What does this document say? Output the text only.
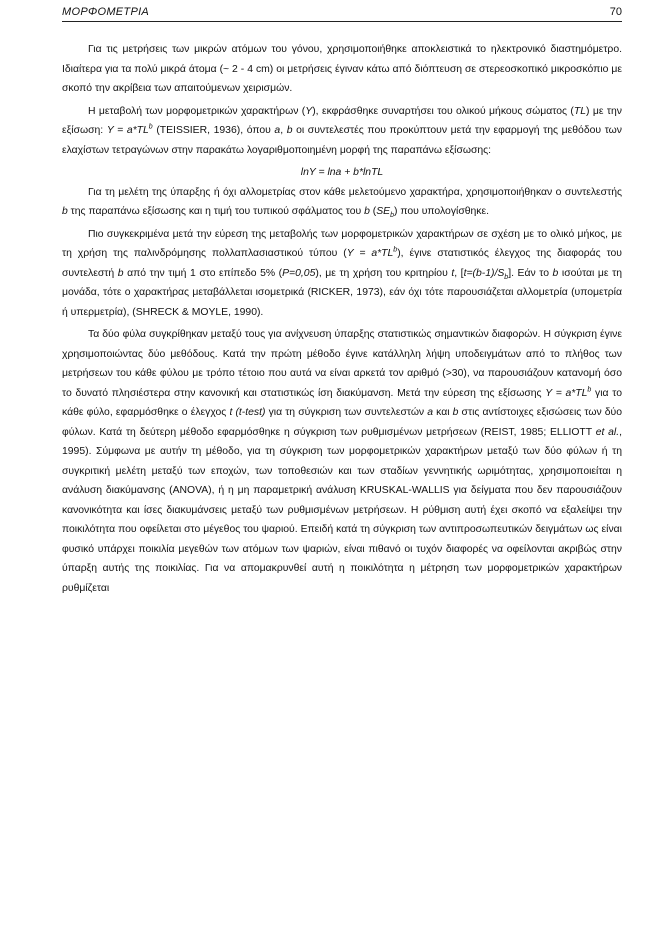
ΜΟΡΦΟΜΕΤΡΙΑ	70

Για τις μετρήσεις των μικρών ατόμων του γόνου, χρησιμοποιήθηκε αποκλειστικά το ηλεκτρονικό διαστημόμετρο. Ιδιαίτερα για τα πολύ μικρά άτομα (~ 2 - 4 cm) οι μετρήσεις έγιναν κάτω από διόπτευση σε στερεοσκοπικό μικροσκόπιο με σκοπό την ακρίβεια των απαιτούμενων χειρισμών.

Η μεταβολή των μορφομετρικών χαρακτήρων (Y), εκφράσθηκε συναρτήσει του ολικού μήκους σώματος (TL) με την εξίσωση: $Y = a*TL^b$ (TEISSIER, 1936), όπου a, b οι συντελεστές που προκύπτουν μετά την εφαρμογή της μεθόδου των ελαχίστων τετραγώνων στην παρακάτω λογαριθμοποιημένη μορφή της παραπάνω εξίσωσης:

lnY = lna + b*lnTL

Για τη μελέτη της ύπαρξης ή όχι αλλομετρίας στον κάθε μελετούμενο χαρακτήρα, χρησιμοποιήθηκαν ο συντελεστής b της παραπάνω εξίσωσης και η τιμή του τυπικού σφάλματος του b $(SE_b)$ που υπολογίσθηκε.

Πιο συγκεκριμένα μετά την εύρεση της μεταβολής των μορφομετρικών χαρακτήρων σε σχέση με το ολικό μήκος, με τη χρήση της παλινδρόμησης πολλαπλασιαστικού τύπου $(Y = a*TL^b)$, έγινε στατιστικός έλεγχος της διαφοράς του συντελεστή b από την τιμή 1 στο επίπεδο 5% (P=0,05), με τη χρήση του κριτηρίου t, $[t=(b-1)/S_b]$. Εάν το b ισούται με τη μονάδα, τότε ο χαρακτήρας μεταβάλλεται ισομετρικά (RICKER, 1973), εάν όχι τότε παρουσιάζεται αλλομετρία (υπομετρία ή υπερμετρία), (SHRECK & MOYLE, 1990).

Τα δύο φύλα συγκρίθηκαν μεταξύ τους για ανίχνευση ύπαρξης στατιστικώς σημαντικών διαφορών. Η σύγκριση έγινε χρησιμοποιώντας δύο μεθόδους. Κατά την πρώτη μέθοδο έγινε κατάλληλη λήψη υποδειγμάτων από το πλήθος των μετρήσεων του κάθε φύλου με τρόπο τέτοιο που αυτά να είναι αρκετά τον αριθμό (>30), να παρουσιάζουν κατανομή όσο το δυνατό πλησιέστερα στην κανονική και στατιστικώς ίση διακύμανση. Μετά την εύρεση της εξίσωσης $Y = a*TL^b$ για το κάθε φύλο, εφαρμόσθηκε ο έλεγχος t (t-test) για τη σύγκριση των συντελεστών a και b στις αντίστοιχες εξισώσεις των δύο φύλων. Κατά τη δεύτερη μέθοδο εφαρμόσθηκε η σύγκριση των ρυθμισμένων μετρήσεων (REIST, 1985; ELLIOTT et al., 1995). Σύμφωνα με αυτήν τη μέθοδο, για τη σύγκριση των μορφομετρικών χαρακτήρων μεταξύ των δύο φύλων ή τη συγκριτική μελέτη μεταξύ των εποχών, των τοποθεσιών και των σταδίων γεννητικής ωριμότητας, χρησιμοποιείται η ανάλυση διακύμανσης (ANOVA), ή η μη παραμετρική ανάλυση KRUSKAL-WALLIS για δείγματα που δεν παρουσιάζουν κανονικότητα και ίσες διακυμάνσεις μεταξύ των ρυθμισμένων μετρήσεων. Η ρύθμιση αυτή έχει σκοπό να εξαλείψει την ποικιλότητα που οφείλεται στο μέγεθος του ψαριού. Επειδή κατά τη σύγκριση των αντιπροσωπευτικών δειγμάτων ως είναι φυσικό υπάρχει ποικιλία μεγεθών των ατόμων των ψαριών, είναι πιθανό οι τυχόν διαφορές να οφείλονται ακριβώς στην ύπαρξη αυτής της ποικιλίας. Για να απομακρυνθεί αυτή η ποικιλότητα η μέτρηση των μορφομετρικών χαρακτήρων ρυθμίζεται
